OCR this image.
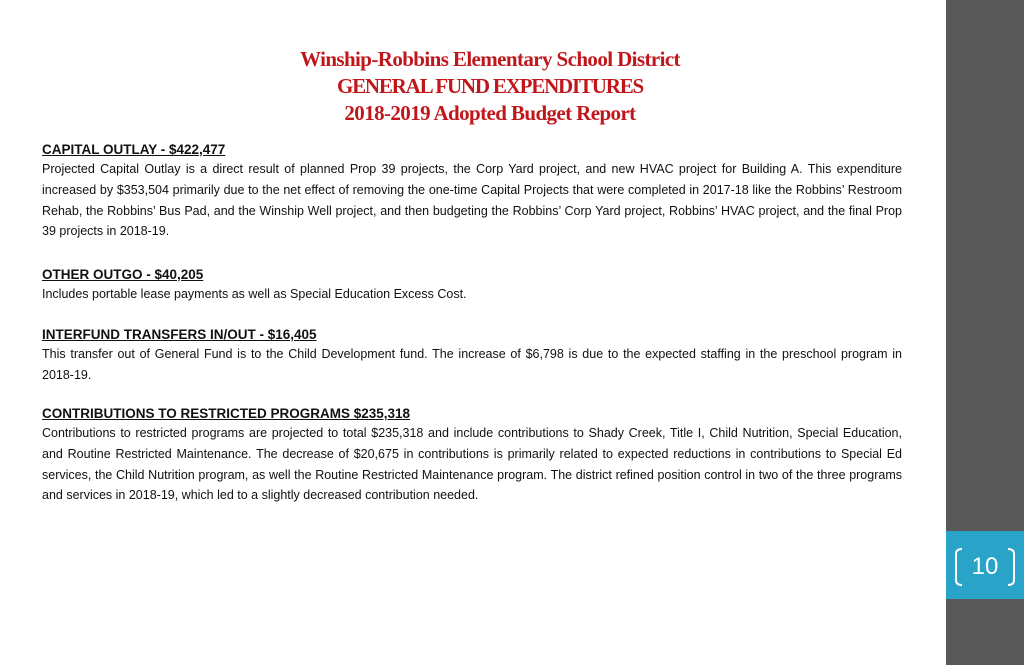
Winship-Robbins Elementary School District
GENERAL FUND EXPENDITURES
2018-2019 Adopted Budget Report
CAPITAL OUTLAY - $422,477
Projected Capital Outlay is a direct result of planned Prop 39 projects, the Corp Yard project, and new HVAC project for Building A. This expenditure increased by $353,504 primarily due to the net effect of removing the one-time Capital Projects that were completed in 2017-18 like the Robbins’ Restroom Rehab, the Robbins’ Bus Pad, and the Winship Well project, and then budgeting the Robbins’ Corp Yard project, Robbins’ HVAC project, and the final Prop 39 projects in 2018-19.
OTHER OUTGO - $40,205
Includes portable lease payments as well as Special Education Excess Cost.
INTERFUND TRANSFERS IN/OUT - $16,405
This transfer out of General Fund is to the Child Development fund. The increase of $6,798 is due to the expected staffing in the preschool program in 2018-19.
CONTRIBUTIONS TO RESTRICTED PROGRAMS $235,318
Contributions to restricted programs are projected to total $235,318 and include contributions to Shady Creek, Title I, Child Nutrition, Special Education, and Routine Restricted Maintenance. The decrease of $20,675 in contributions is primarily related to expected reductions in contributions to Special Ed services, the Child Nutrition program, as well the Routine Restricted Maintenance program. The district refined position control in two of the three programs and services in 2018-19, which led to a slightly decreased contribution needed.
10
